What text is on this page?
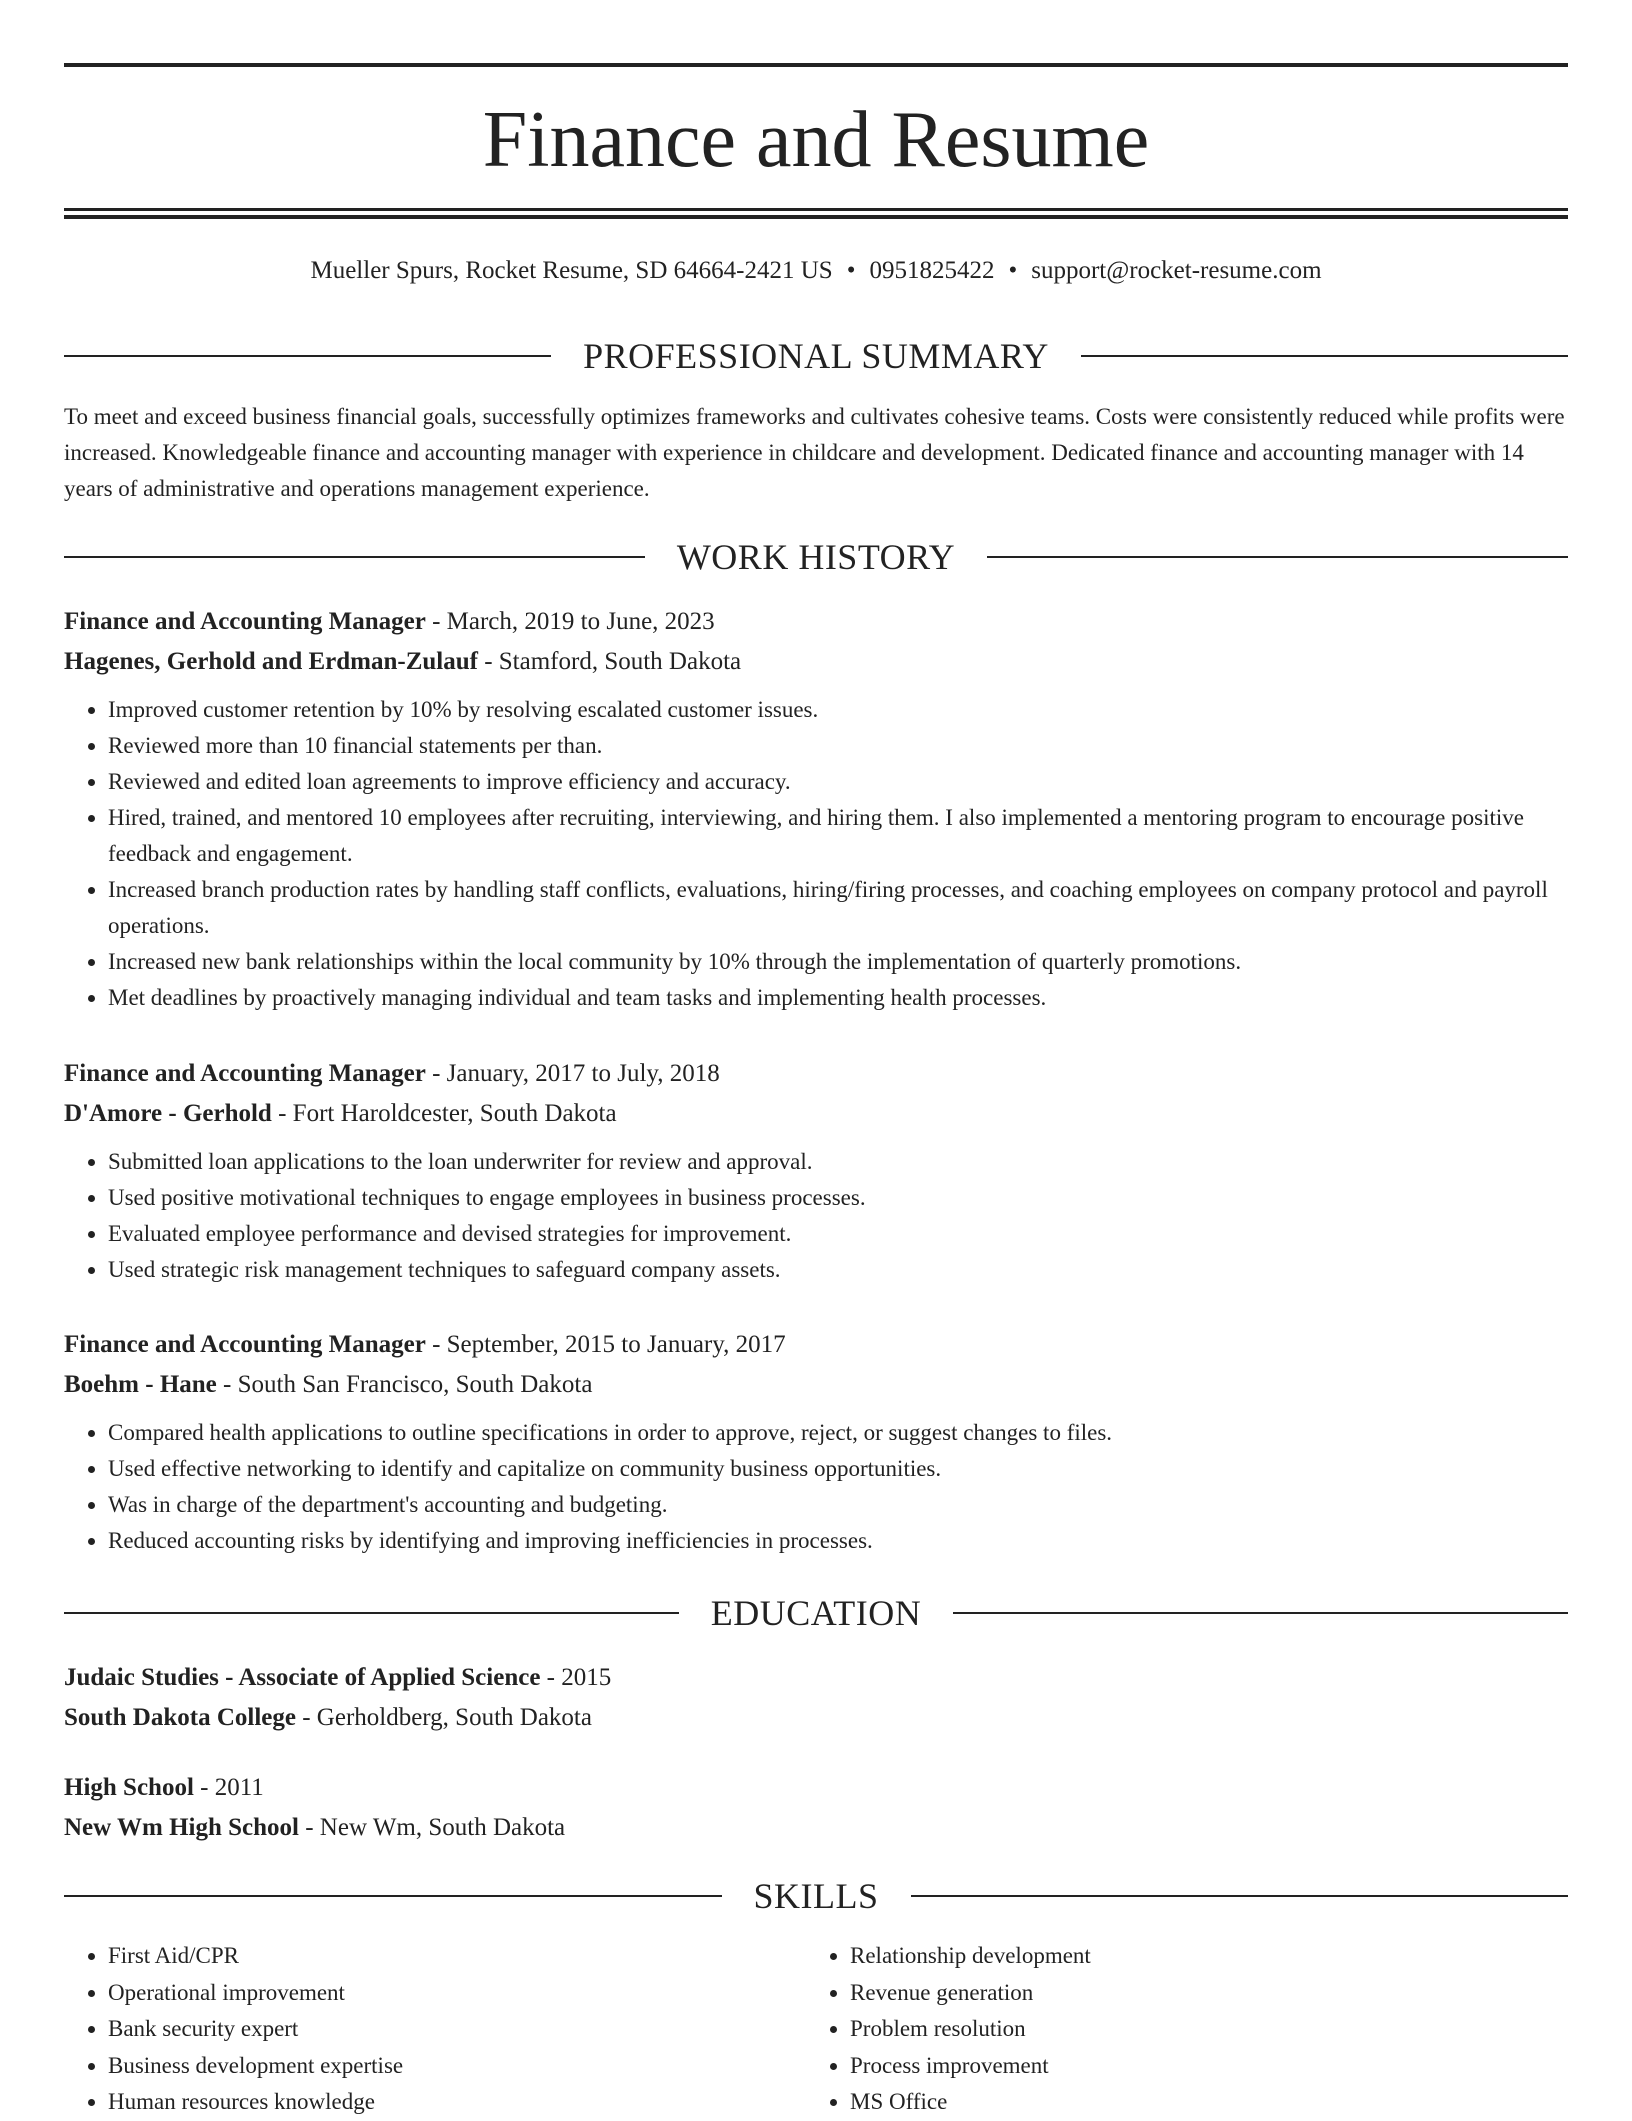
Finance and Resume
Mueller Spurs, Rocket Resume, SD 64664-2421 US • 0951825422 • support@rocket-resume.com
PROFESSIONAL SUMMARY

To meet and exceed business financial goals, successfully optimizes frameworks and cultivates cohesive teams. Costs were consistently reduced while profits were increased. Knowledgeable finance and accounting manager with experience in childcare and development. Dedicated finance and accounting manager with 14 years of administrative and operations management experience.

WORK HISTORY

Finance and Accounting Manager - March, 2019 to June, 2023

Hagenes, Gerhold and Erdman-Zulauf - Stamford, South Dakota

• Improved customer retention by 10% by resolving escalated customer issues.
• Reviewed more than 10 financial statements per than.
• Reviewed and edited loan agreements to improve efficiency and accuracy.
• Hired, trained, and mentored 10 employees after recruiting, interviewing, and hiring them. I also implemented a mentoring program to encourage positive feedback and engagement.
• Increased branch production rates by handling staff conflicts, evaluations, hiring/firing processes, and coaching employees on company protocol and payroll operations.
• Increased new bank relationships within the local community by 10% through the implementation of quarterly promotions.
• Met deadlines by proactively managing individual and team tasks and implementing health processes.

Finance and Accounting Manager - January, 2017 to July, 2018

D'Amore - Gerhold - Fort Haroldcester, South Dakota

• Submitted loan applications to the loan underwriter for review and approval.
• Used positive motivational techniques to engage employees in business processes.
• Evaluated employee performance and devised strategies for improvement.
• Used strategic risk management techniques to safeguard company assets.

Finance and Accounting Manager - September, 2015 to January, 2017

Boehm - Hane - South San Francisco, South Dakota

• Compared health applications to outline specifications in order to approve, reject, or suggest changes to files.
• Used effective networking to identify and capitalize on community business opportunities.
• Was in charge of the department's accounting and budgeting.
• Reduced accounting risks by identifying and improving inefficiencies in processes.
EDUCATION

Judaic Studies - Associate of Applied Science - 2015

South Dakota College - Gerholdberg, South Dakota

High School - 2011

New Wm High School - New Wm, South Dakota

SKILLS
• First Aid/CPR
• Operational improvement
• Bank security expert
• Business development expertise
• Human resources knowledge
• Relationship development
• Revenue generation
• Problem resolution
• Process improvement
• MS Office
